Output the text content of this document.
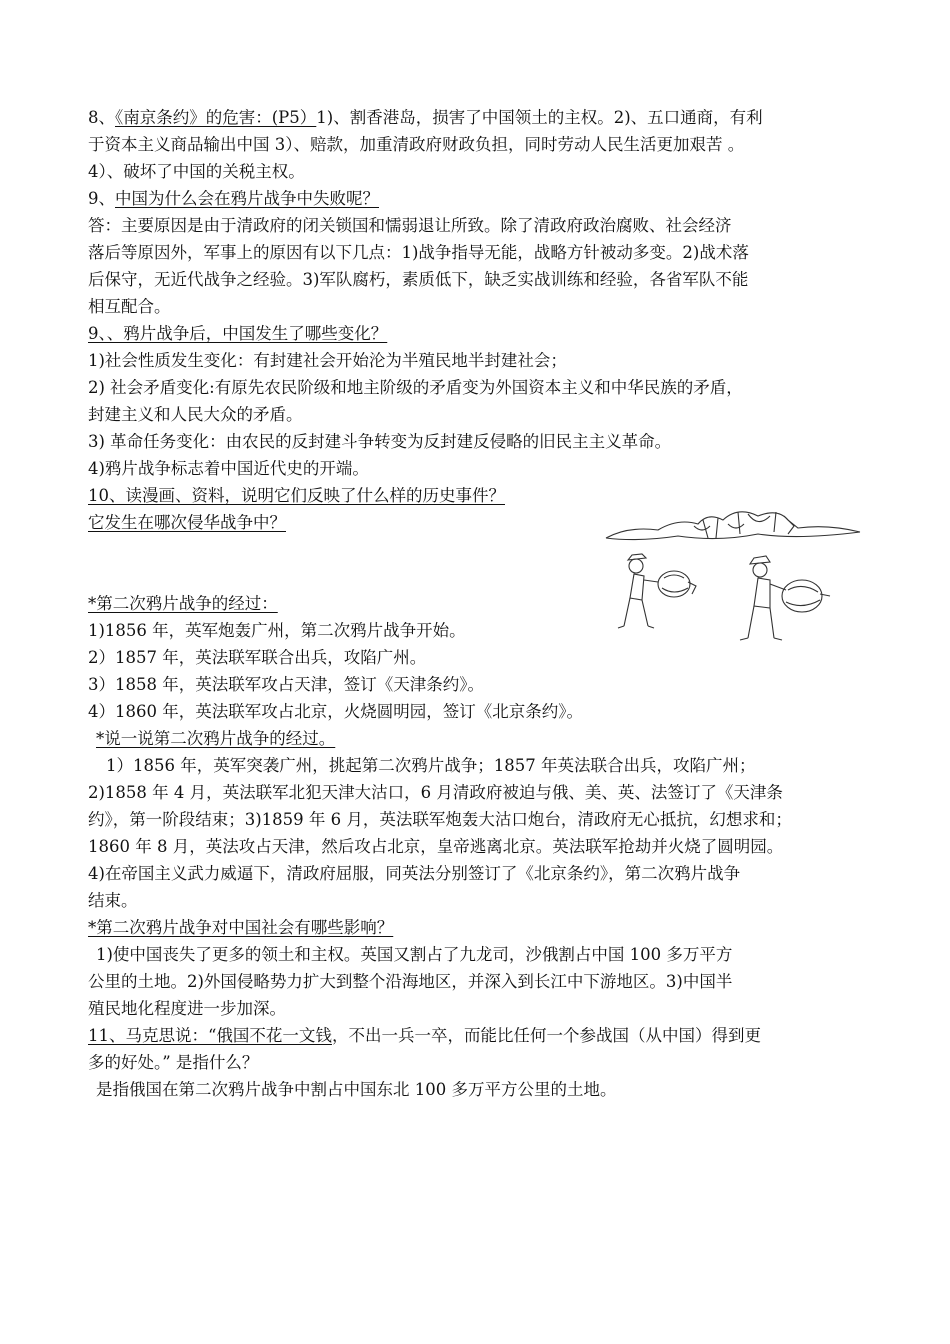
8、《南京条约》的危害：(P5）1)、割香港岛，损害了中国领土的主权。2)、五口通商，有利

于资本主义商品输出中国 3）、赔款，加重清政府财政负担，同时劳动人民生活更加艰苦 。

4）、破坏了中国的关税主权。

9、中国为什么会在鸦片战争中失败呢？

答：主要原因是由于清政府的闭关锁国和懦弱退让所致。除了清政府政治腐败、社会经济

落后等原因外，军事上的原因有以下几点：1)战争指导无能，战略方针被动多变。2)战术落

后保守，无近代战争之经验。3)军队腐朽，素质低下，缺乏实战训练和经验，各省军队不能

相互配合。

9、、鸦片战争后，中国发生了哪些变化？

1)社会性质发生变化：有封建社会开始沦为半殖民地半封建社会；

2) 社会矛盾变化:有原先农民阶级和地主阶级的矛盾变为外国资本主义和中华民族的矛盾，

封建主义和人民大众的矛盾。

3) 革命任务变化：由农民的反封建斗争转变为反封建反侵略的旧民主主义革命。

4)鸦片战争标志着中国近代史的开端。

10、读漫画、资料，说明它们反映了什么样的历史事件？

它发生在哪次侵华战争中？

*第二次鸦片战争的经过：

1)1856 年，英军炮轰广州，第二次鸦片战争开始。

2）1857 年，英法联军联合出兵，攻陷广州。

3）1858 年，英法联军攻占天津，签订《天津条约》。

4）1860 年，英法联军攻占北京，火烧圆明园，签订《北京条约》。

*说一说第二次鸦片战争的经过。

1）1856 年，英军突袭广州，挑起第二次鸦片战争；1857 年英法联合出兵，攻陷广州；

2)1858 年 4 月，英法联军北犯天津大沽口，6 月清政府被迫与俄、美、英、法签订了《天津条

约》，第一阶段结束；3)1859 年 6 月，英法联军炮轰大沽口炮台，清政府无心抵抗，幻想求和；

1860 年 8 月，英法攻占天津，然后攻占北京，皇帝逃离北京。英法联军抢劫并火烧了圆明园。

4)在帝国主义武力威逼下，清政府屈服，同英法分别签订了《北京条约》，第二次鸦片战争

结束。

*第二次鸦片战争对中国社会有哪些影响？

1)使中国丧失了更多的领土和主权。英国又割占了九龙司，沙俄割占中国 100 多万平方

公里的土地。2)外国侵略势力扩大到整个沿海地区，并深入到长江中下游地区。3)中国半

殖民地化程度进一步加深。

11、马克思说：“俄国不花一文钱，不出一兵一卒，而能比任何一个参战国（从中国）得到更

多的好处。” 是指什么？

是指俄国在第二次鸦片战争中割占中国东北 100 多万平方公里的土地。
